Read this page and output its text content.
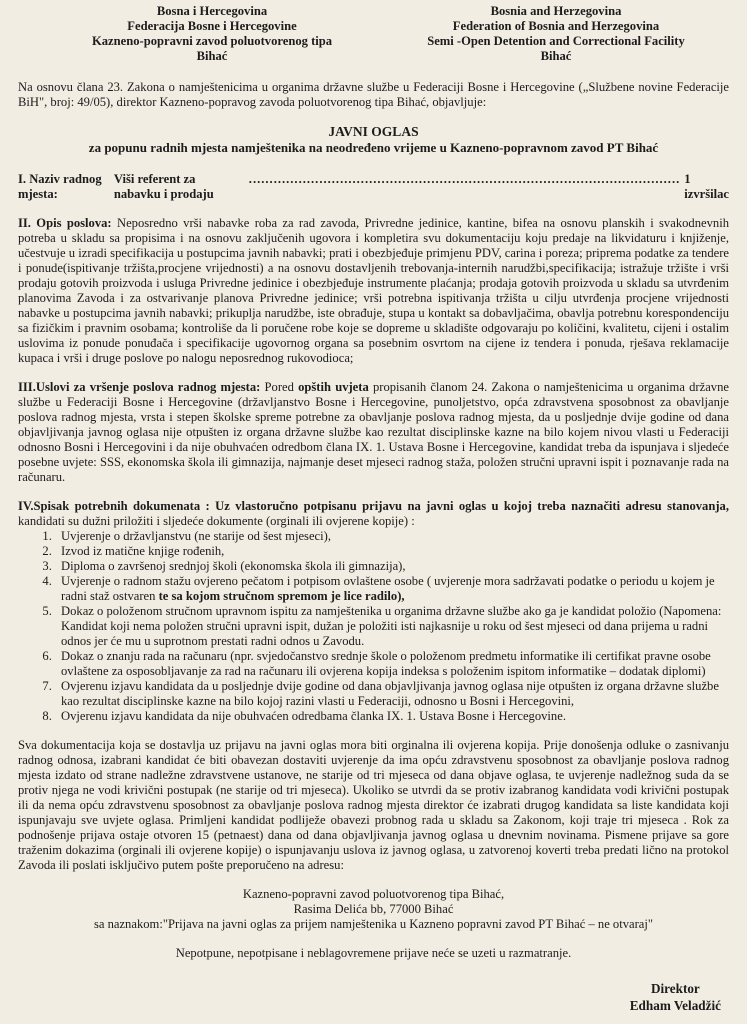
Bosna i Hercegovina
Federacija Bosne i Hercegovine
Kazneno-popravni zavod poluotvorenog tipa
Bihać
Bosnia and Herzegovina
Federation of Bosnia and Herzegovina
Semi -Open Detention and Correctional Facility
Bihać

Na osnovu člana 23. Zakona o namještenicima u organima državne službe u Federaciji Bosne i Hercegovine („Službene novine Federacije BiH", broj: 49/05), direktor Kazneno-popravog zavoda poluotvorenog tipa Bihać, objavljuje:

JAVNI OGLAS
za popunu radnih mjesta namještenika na neodređeno vrijeme u Kazneno-popravnom zavod PT Bihać
I. Naziv radnog mjesta:
Viši referent za nabavku i prodaju
........................................................................................................ 1 izvršilac

II. Opis poslova: Neposredno vrši nabavke roba za rad zavoda, Privredne jedinice, kantine, bifea na osnovu planskih i svakodnevnih potreba u skladu sa propisima i na osnovu zaključenih ugovora i kompletira svu dokumentaciju koju predaje na likvidaturu i knjiženje, učestvuje u izradi specifikacija u postupcima javnih nabavki; prati i obezbjeđuje primjenu PDV, carina i poreza; priprema podatke za tendere i ponude(ispitivanje tržišta,procjene vrijednosti) a na osnovu dostavljenih trebovanja-internih narudžbi,specifikacija; istražuje tržište i vrši prodaju gotovih proizvoda i usluga Privredne jedinice i obezbjeđuje instrumente plaćanja; prodaja gotovih proizvoda u skladu sa utvrđenim planovima Zavoda i za ostvarivanje planova Privredne jedinice; vrši potrebna ispitivanja tržišta u cilju utvrđenja procjene vrijednosti nabavke u postupcima javnih nabavki; prikuplja narudžbe, iste obrađuje, stupa u kontakt sa dobavljačima, obavlja potrebnu korespondenciju sa fizičkim i pravnim osobama; kontroliše da li poručene robe koje se dopreme u skladište odgovaraju po količini, kvalitetu, cijeni i ostalim uslovima iz ponude ponuđača i specifikacije ugovornog organa sa posebnim osvrtom na cijene iz tendera i ponuda, rješava reklamacije kupaca i vrši i druge poslove po nalogu neposrednog rukovodioca;

III.Uslovi za vršenje poslova radnog mjesta: Pored opštih uvjeta propisanih članom 24. Zakona o namještenicima u organima državne službe u Federaciji Bosne i Hercegovine (državljanstvo Bosne i Hercegovine, punoljetstvo, opća zdravstvena sposobnost za obavljanje poslova radnog mjesta, vrsta i stepen školske spreme potrebne za obavljanje poslova radnog mjesta, da u posljednje dvije godine od dana objavljivanja javnog oglasa nije otpušten iz organa državne službe kao rezultat disciplinske kazne na bilo kojem nivou vlasti u Federaciji odnosno Bosni i Hercegovini i da nije obuhvaćen odredbom člana IX. 1. Ustava Bosne i Hercegovine, kandidat treba da ispunjava i sljedeće posebne uvjete: SSS, ekonomska škola ili gimnazija, najmanje deset mjeseci radnog staža, položen stručni upravni ispit i poznavanje rada na računaru.

IV.Spisak potrebnih dokumenata : Uz vlastoručno potpisanu prijavu na javni oglas u kojoj treba naznačiti adresu stanovanja, kandidati su dužni priložiti i sljedeće dokumente (orginali ili ovjerene kopije) :

1. Uvjerenje o državljanstvu (ne starije od šest mjeseci),
2. Izvod iz matične knjige rođenih,
3. Diploma o završenoj srednjoj školi (ekonomska škola ili gimnazija),
4. Uvjerenje o radnom stažu ovjereno pečatom i potpisom ovlaštene osobe ( uvjerenje mora sadržavati podatke o periodu u kojem je radni staž ostvaren te sa kojom stručnom spremom je lice radilo),
5. Dokaz o položenom stručnom upravnom ispitu za namještenika u organima državne službe ako ga je kandidat položio (Napomena: Kandidat koji nema položen stručni upravni ispit, dužan je položiti isti najkasnije u roku od šest mjeseci od dana prijema u radni odnos jer će mu u suprotnom prestati radni odnos u Zavodu.
6. Dokaz o znanju rada na računaru (npr. svjedočanstvo srednje škole o položenom predmetu informatike ili certifikat pravne osobe ovlaštene za osposobljavanje za rad na računaru ili ovjerena kopija indeksa s položenim ispitom informatike – dodatak diplomi)
7. Ovjerenu izjavu kandidata da u posljednje dvije godine od dana objavljivanja javnog oglasa nije otpušten iz organa državne službe kao rezultat disciplinske kazne na bilo kojoj razini vlasti u Federaciji, odnosno u Bosni i Hercegovini,
8. Ovjerenu izjavu kandidata da nije obuhvaćen odredbama članka IX. 1. Ustava Bosne i Hercegovine.

Sva dokumentacija koja se dostavlja uz prijavu na javni oglas mora biti orginalna ili ovjerena kopija. Prije donošenja odluke o zasnivanju radnog odnosa, izabrani kandidat će biti obavezan dostaviti uvjerenje da ima opću zdravstvenu sposobnost za obavljanje poslova radnog mjesta izdato od strane nadležne zdravstvene ustanove, ne starije od tri mjeseca od dana objave oglasa, te uvjerenje nadležnog suda da se protiv njega ne vodi krivični postupak (ne starije od tri mjeseca). Ukoliko se utvrdi da se protiv izabranog kandidata vodi krivični postupak ili da nema opću zdravstvenu sposobnost za obavljanje poslova radnog mjesta direktor će izabrati drugog kandidata sa liste kandidata koji ispunjavaju sve uvjete oglasa. Primljeni kandidat podliježe obavezi probnog rada u skladu sa Zakonom, koji traje tri mjeseca . Rok za podnošenje prijava ostaje otvoren 15 (petnaest) dana od dana objavljivanja javnog oglasa u dnevnim novinama. Pismene prijave sa gore traženim dokazima (orginali ili ovjerene kopije) o ispunjavanju uslova iz javnog oglasa, u zatvorenoj koverti treba predati lično na protokol Zavoda ili poslati isključivo putem pošte preporučeno na adresu:

Kazneno-popravni zavod poluotvorenog tipa Bihać,
Rasima Delića bb, 77000 Bihać
sa naznakom:"Prijava na javni oglas za prijem namještenika u Kazneno popravni zavod PT Bihać – ne otvaraj"

Nepotpune, nepotpisane i neblagovremene prijave neće se uzeti u razmatranje.

Direktor
Edham Veladžić
